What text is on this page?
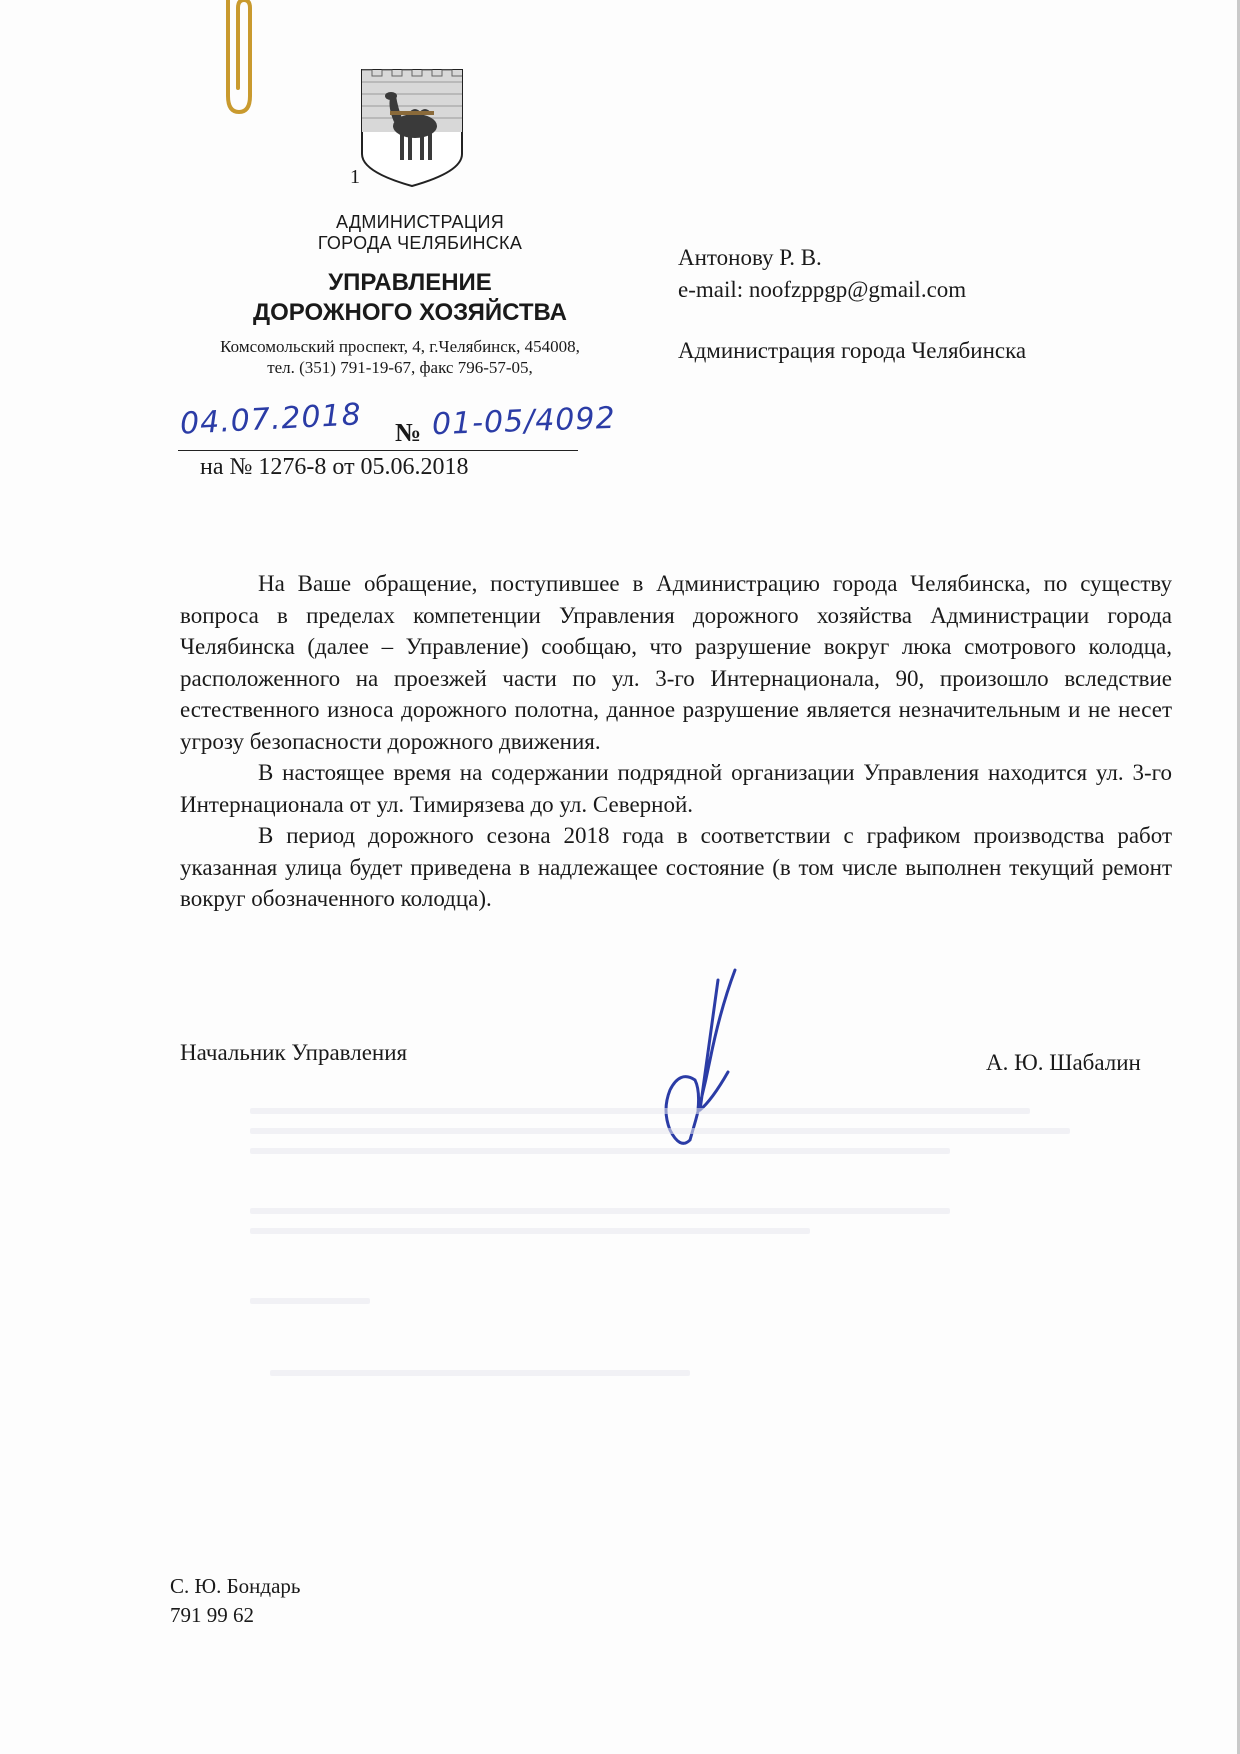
1
АДМИНИСТРАЦИЯ
ГОРОДА ЧЕЛЯБИНСКА
УПРАВЛЕНИЕ
ДОРОЖНОГО ХОЗЯЙСТВА
Комсомольский проспект, 4, г.Челябинск, 454008,
тел. (351) 791-19-67, факс 796-57-05,
04.07.2018 № 01-05/4092
на № 1276-8 от 05.06.2018
Антонову Р. В.
e-mail: noofzppgp@gmail.com
Администрация города Челябинска

На Ваше обращение, поступившее в Администрацию города Челябинска, по существу вопроса в пределах компетенции Управления дорожного хозяйства Администрации города Челябинска (далее – Управление) сообщаю, что разрушение вокруг люка смотрового колодца, расположенного на проезжей части по ул. 3-го Интернационала, 90, произошло вследствие естественного износа дорожного полотна, данное разрушение является незначительным и не несет угрозу безопасности дорожного движения.

В настоящее время на содержании подрядной организации Управления находится ул. 3-го Интернационала от ул. Тимирязева до ул. Северной.

В период дорожного сезона 2018 года в соответствии с графиком производства работ указанная улица будет приведена в надлежащее состояние (в том числе выполнен текущий ремонт вокруг обозначенного колодца).

Начальник Управления	А. Ю. Шабалин
С. Ю. Бондарь
791 99 62
